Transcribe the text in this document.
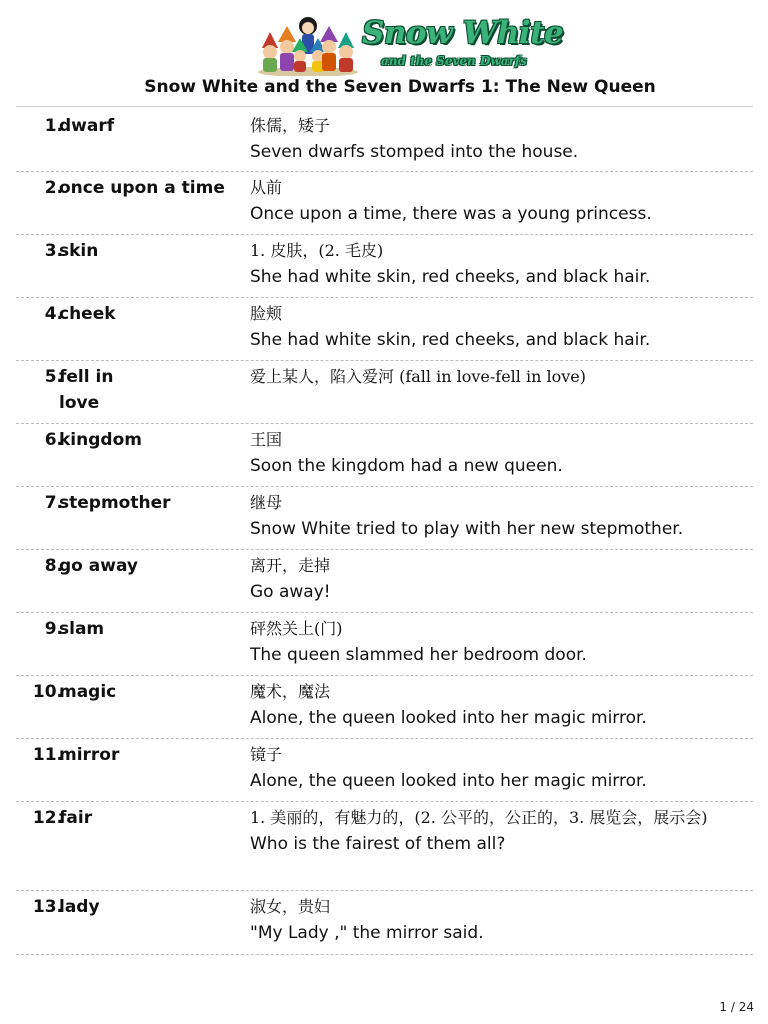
Snow White
and the Seven Dwarfs
Snow White and the Seven Dwarfs 1: The New Queen
1.
dwarf	侏儒，矮子
Seven dwarfs stomped into the house.
2.
once upon a time	从前
Once upon a time, there was a young princess.
3.
skin	1. 皮肤，(2. 毛皮)
She had white skin, red cheeks, and black hair.
4.
cheek	脸颊
She had white skin, red cheeks, and black hair.
5.
fell in love
爱上某人，陷入爱河 (fall in love-fell in love)
6.
kingdom	王国
Soon the kingdom had a new queen.
7.
stepmother	继母
Snow White tried to play with her new stepmother.
8.
go away	离开，走掉
Go away!
9.
slam	砰然关上(门)
The queen slammed her bedroom door.
10.
magic	魔术，魔法
Alone, the queen looked into her magic mirror.
11.
mirror	镜子
Alone, the queen looked into her magic mirror.
12.
fair	1. 美丽的，有魅力的，(2. 公平的，公正的，3. 展览会，展示会)
Who is the fairest of them all?
13.
lady	淑女，贵妇
"My Lady ," the mirror said.
1 / 24
